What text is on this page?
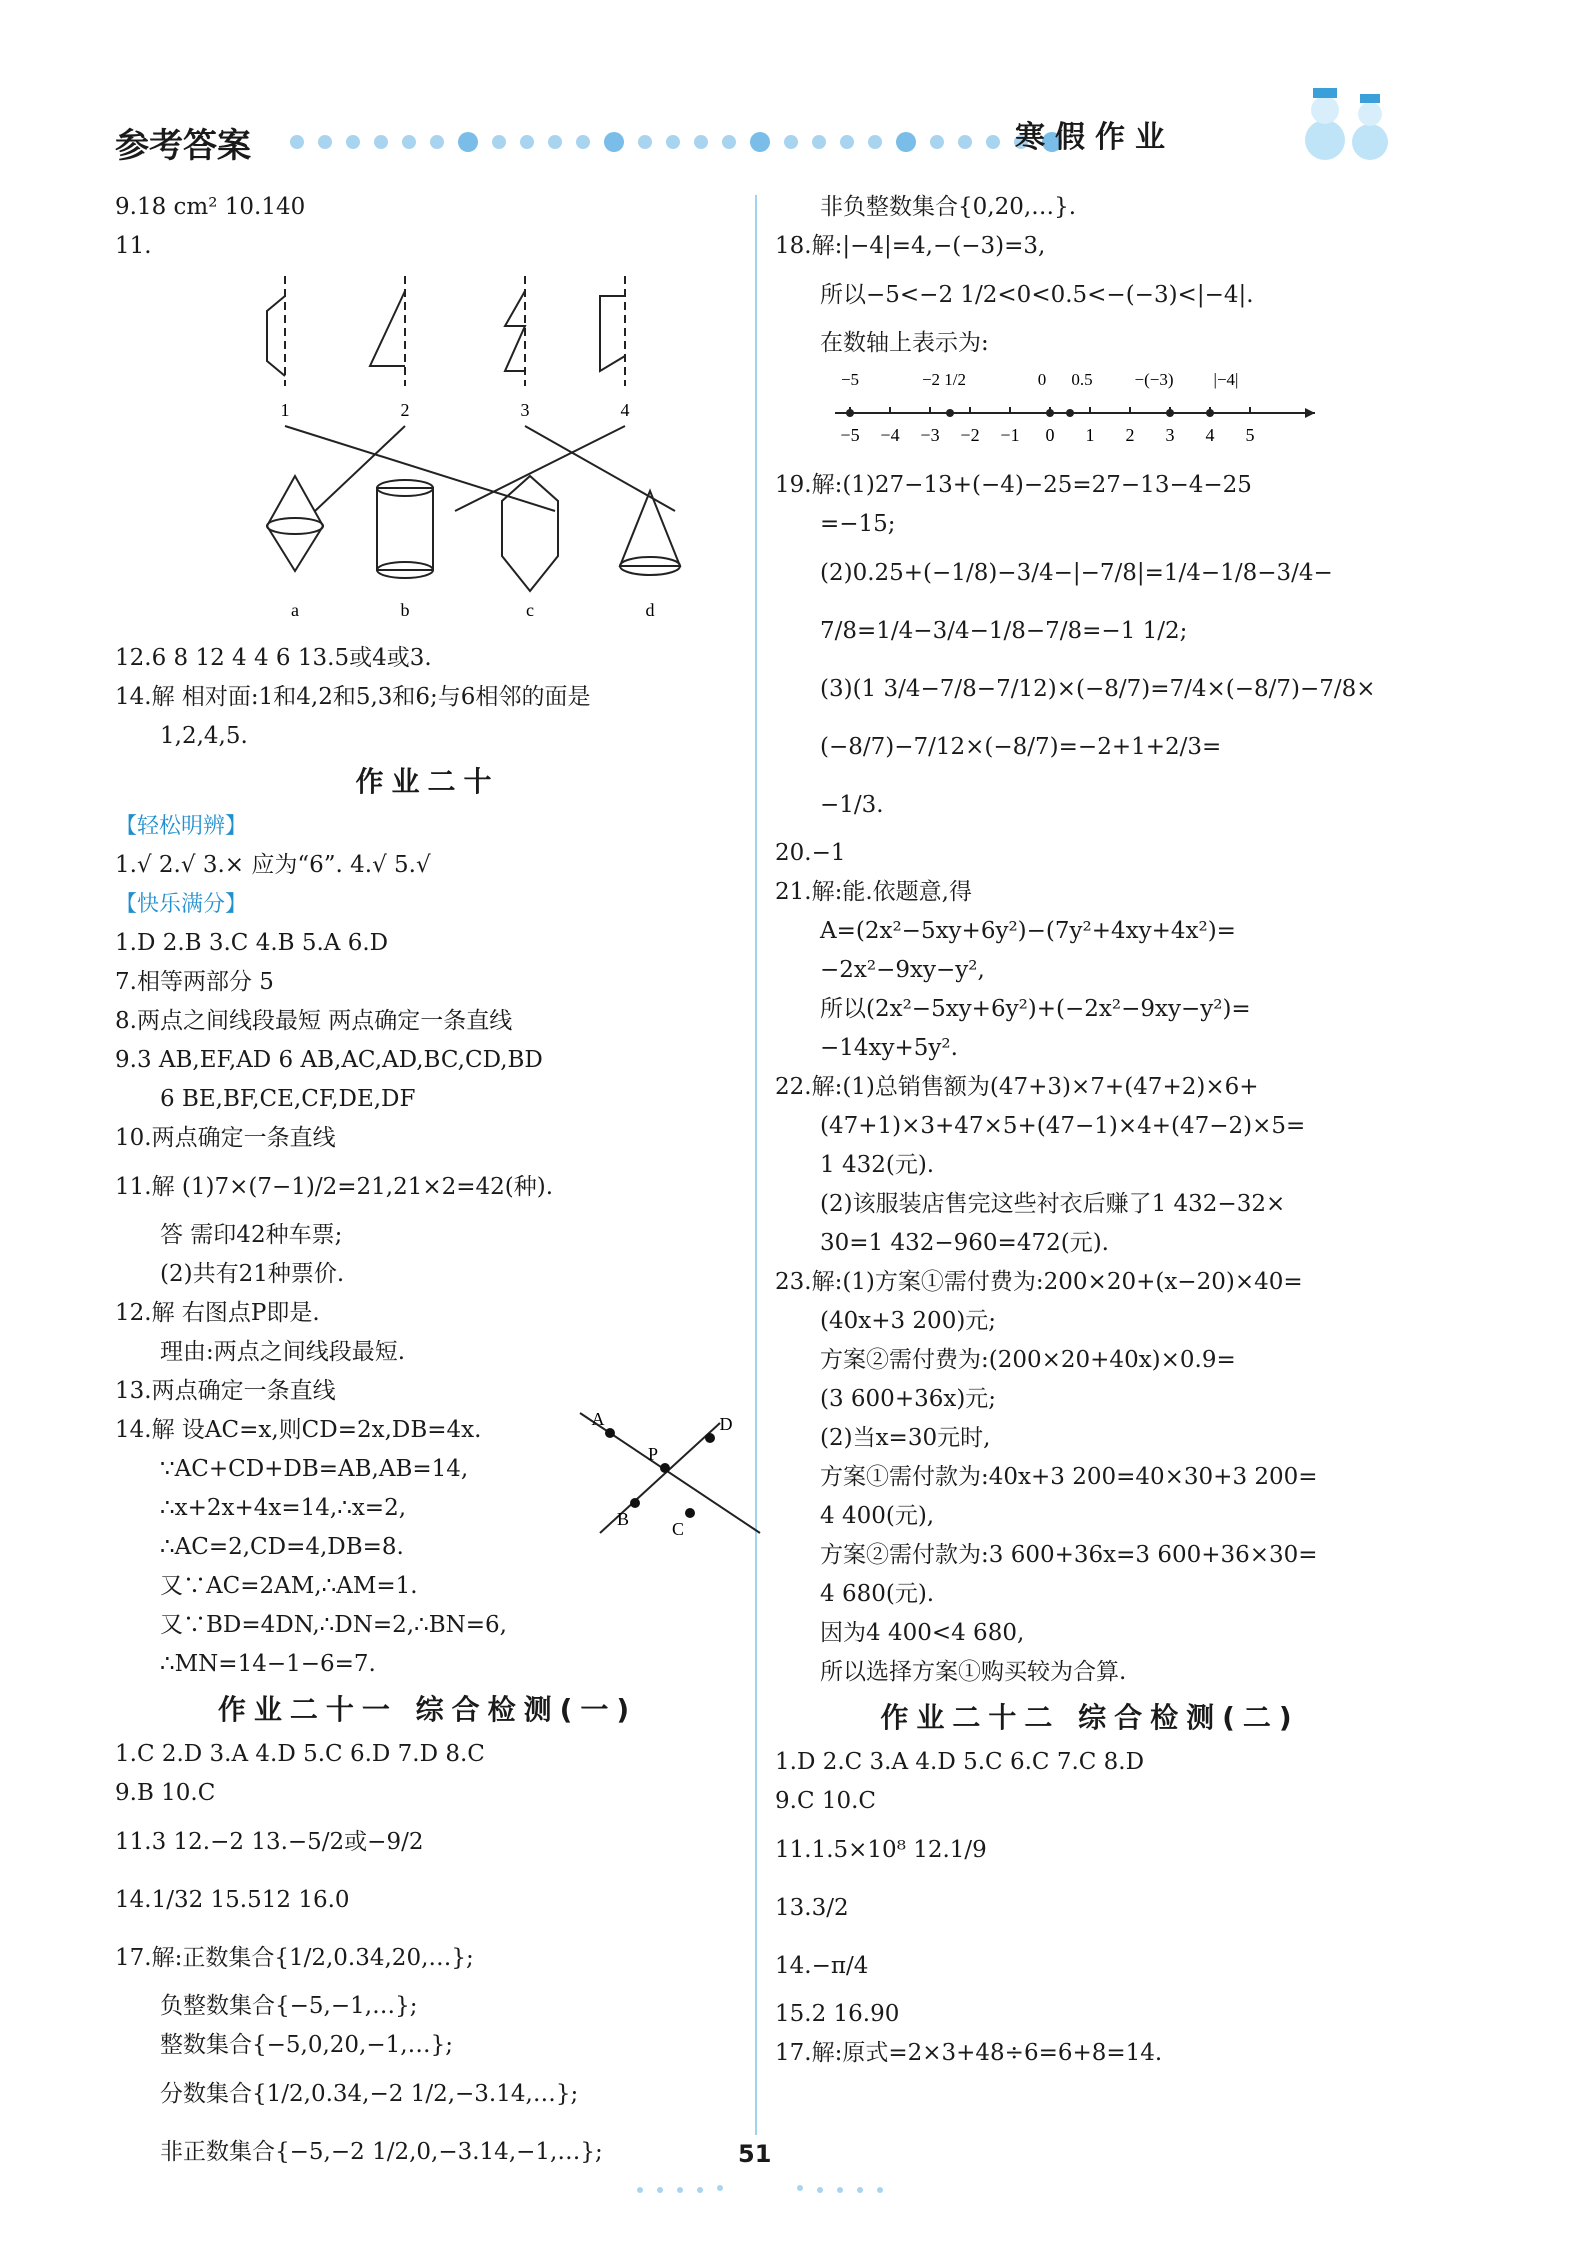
参考答案	寒假作业
9.18 cm² 10.140
11.
1	2	3	4
a	b	c	d
12.6 8 12 4 4 6 13.5或4或3.
14.解 相对面:1和4,2和5,3和6;与6相邻的面是
1,2,4,5.
作业二十
【轻松明辨】
1.√ 2.√ 3.× 应为“6”. 4.√ 5.√
【快乐满分】
1.D 2.B 3.C 4.B 5.A 6.D
7.相等两部分 5
8.两点之间线段最短 两点确定一条直线
9.3 AB,EF,AD 6 AB,AC,AD,BC,CD,BD
6 BE,BF,CE,CF,DE,DF
10.两点确定一条直线
11.解 (1)7×(7−1)/2=21,21×2=42(种).
答 需印42种车票;
(2)共有21种票价.
12.解 右图点P即是.
理由:两点之间线段最短.
13.两点确定一条直线
14.解 设AC=x,则CD=2x,DB=4x.
∵AC+CD+DB=AB,AB=14,
∴x+2x+4x=14,∴x=2,
∴AC=2,CD=4,DB=8.
又∵AC=2AM,∴AM=1.
又∵BD=4DN,∴DN=2,∴BN=6,
∴MN=14−1−6=7.
作业二十一 综合检测(一)
1.C 2.D 3.A 4.D 5.C 6.D 7.D 8.C
9.B 10.C
11.3 12.−2 13.−5/2或−9/2
14.1/32 15.512 16.0
17.解:正数集合{1/2,0.34,20,…};
负整数集合{−5,−1,…};
整数集合{−5,0,20,−1,…};
分数集合{1/2,0.34,−2 1/2,−3.14,…};
非正数集合{−5,−2 1/2,0,−3.14,−1,…};
A
P
D
B C
非负整数集合{0,20,…}.
18.解:|−4|=4,−(−3)=3,
所以−5<−2 1/2<0<0.5<−(−3)<|−4|.
在数轴上表示为:
−5 −4 −3 −2 −1 0 1 2 3 4 5
−5	−2 1/2	0 0.5 −(−3) |−4|
19.解:(1)27−13+(−4)−25=27−13−4−25
=−15;
(2)0.25+(−1/8)−3/4−|−7/8|=1/4−1/8−3/4−
7/8=1/4−3/4−1/8−7/8=−1 1/2;
(3)(1 3/4−7/8−7/12)×(−8/7)=7/4×(−8/7)−7/8×
(−8/7)−7/12×(−8/7)=−2+1+2/3=
−1/3.
20.−1
21.解:能.依题意,得
A=(2x²−5xy+6y²)−(7y²+4xy+4x²)=
−2x²−9xy−y²,
所以(2x²−5xy+6y²)+(−2x²−9xy−y²)=
−14xy+5y².
22.解:(1)总销售额为(47+3)×7+(47+2)×6+
(47+1)×3+47×5+(47−1)×4+(47−2)×5=
1 432(元).
(2)该服装店售完这些衬衣后赚了1 432−32×
30=1 432−960=472(元).
23.解:(1)方案①需付费为:200×20+(x−20)×40=
(40x+3 200)元;
方案②需付费为:(200×20+40x)×0.9=
(3 600+36x)元;
(2)当x=30元时,
方案①需付款为:40x+3 200=40×30+3 200=
4 400(元),
方案②需付款为:3 600+36x=3 600+36×30=
4 680(元).
因为4 400<4 680,
所以选择方案①购买较为合算.
作业二十二 综合检测(二)
1.D 2.C 3.A 4.D 5.C 6.C 7.C 8.D
9.C 10.C
11.1.5×10⁸ 12.1/9
13.3/2
14.−π/4
15.2 16.90
17.解:原式=2×3+48÷6=6+8=14.
51
